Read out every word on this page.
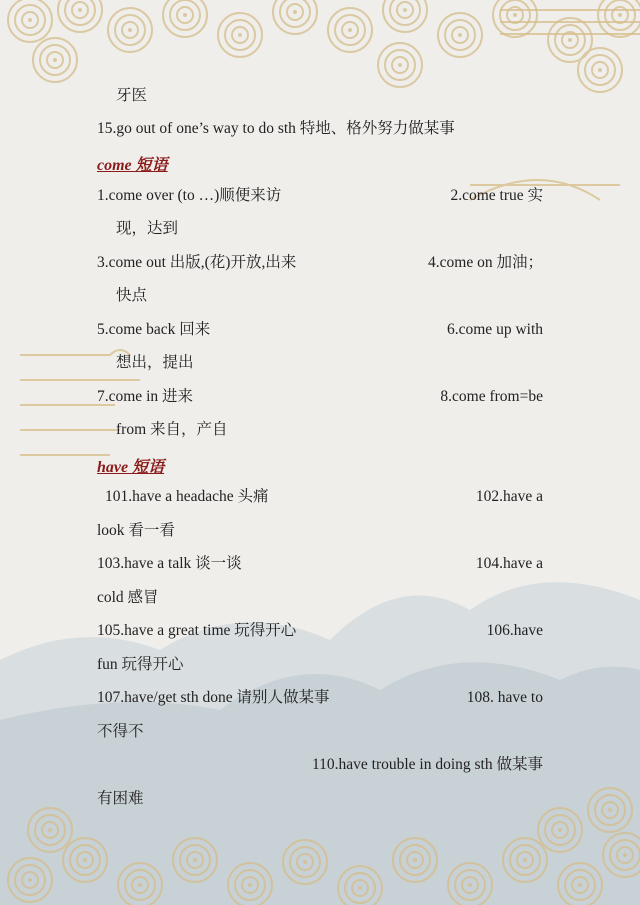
牙医
15.go out of one’s way to do sth 特地、格外努力做某事
come 短语
1.come over (to …)顺便来访	2.come true 实
现，达到
3.come out 出版,(花)开放,出来	4.come on 加油；
快点
5.come back 回来	6.come up with
想出，提出
7.come in 进来	8.come from=be
from 来自，产自
have 短语
101.have a headache 头痛	102.have a
look 看一看
103.have a talk 谈一谈	104.have a
cold 感冒
105.have a great time 玩得开心	106.have
fun 玩得开心
107.have/get sth done 请别人做某事	108. have to
不得不
110.have trouble in doing sth 做某事
有困难
